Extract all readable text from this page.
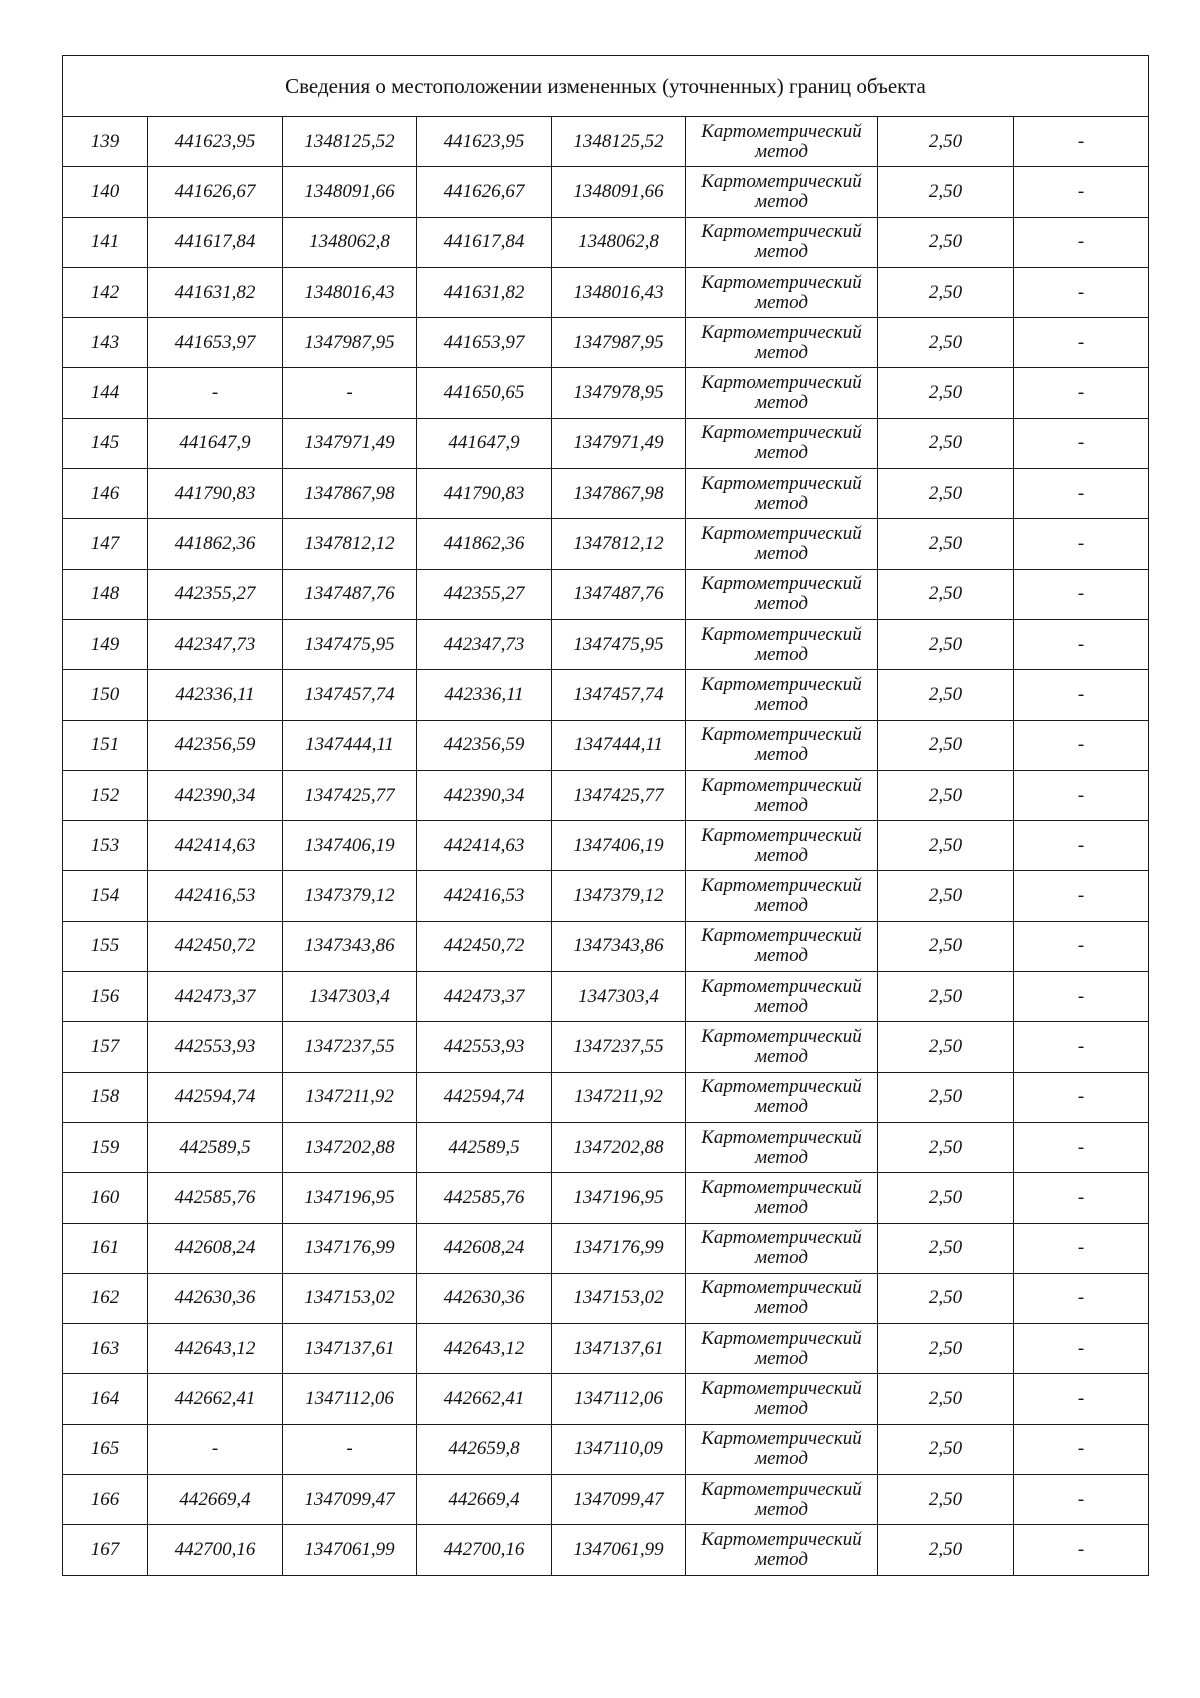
Сведения о местоположении измененных (уточненных) границ объекта							
139	441623,95	1348125,52	441623,95	1348125,52	Картометрический
метод	2,50	-
140	441626,67	1348091,66	441626,67	1348091,66	Картометрический
метод	2,50	-
141	441617,84	1348062,8	441617,84	1348062,8	Картометрический
метод	2,50	-
142	441631,82	1348016,43	441631,82	1348016,43	Картометрический
метод	2,50	-
143	441653,97	1347987,95	441653,97	1347987,95	Картометрический
метод	2,50	-
144	-	-	441650,65	1347978,95	Картометрический
метод	2,50	-
145	441647,9	1347971,49	441647,9	1347971,49	Картометрический
метод	2,50	-
146	441790,83	1347867,98	441790,83	1347867,98	Картометрический
метод	2,50	-
147	441862,36	1347812,12	441862,36	1347812,12	Картометрический
метод	2,50	-
148	442355,27	1347487,76	442355,27	1347487,76	Картометрический
метод	2,50	-
149	442347,73	1347475,95	442347,73	1347475,95	Картометрический
метод	2,50	-
150	442336,11	1347457,74	442336,11	1347457,74	Картометрический
метод	2,50	-
151	442356,59	1347444,11	442356,59	1347444,11	Картометрический
метод	2,50	-
152	442390,34	1347425,77	442390,34	1347425,77	Картометрический
метод	2,50	-
153	442414,63	1347406,19	442414,63	1347406,19	Картометрический
метод	2,50	-
154	442416,53	1347379,12	442416,53	1347379,12	Картометрический
метод	2,50	-
155	442450,72	1347343,86	442450,72	1347343,86	Картометрический
метод	2,50	-
156	442473,37	1347303,4	442473,37	1347303,4	Картометрический
метод	2,50	-
157	442553,93	1347237,55	442553,93	1347237,55	Картометрический
метод	2,50	-
158	442594,74	1347211,92	442594,74	1347211,92	Картометрический
метод	2,50	-
159	442589,5	1347202,88	442589,5	1347202,88	Картометрический
метод	2,50	-
160	442585,76	1347196,95	442585,76	1347196,95	Картометрический
метод	2,50	-
161	442608,24	1347176,99	442608,24	1347176,99	Картометрический
метод	2,50	-
162	442630,36	1347153,02	442630,36	1347153,02	Картометрический
метод	2,50	-
163	442643,12	1347137,61	442643,12	1347137,61	Картометрический
метод	2,50	-
164	442662,41	1347112,06	442662,41	1347112,06	Картометрический
метод	2,50	-
165	-	-	442659,8	1347110,09	Картометрический
метод	2,50	-
166	442669,4	1347099,47	442669,4	1347099,47	Картометрический
метод	2,50	-
167	442700,16	1347061,99	442700,16	1347061,99	Картометрический
метод	2,50	-
